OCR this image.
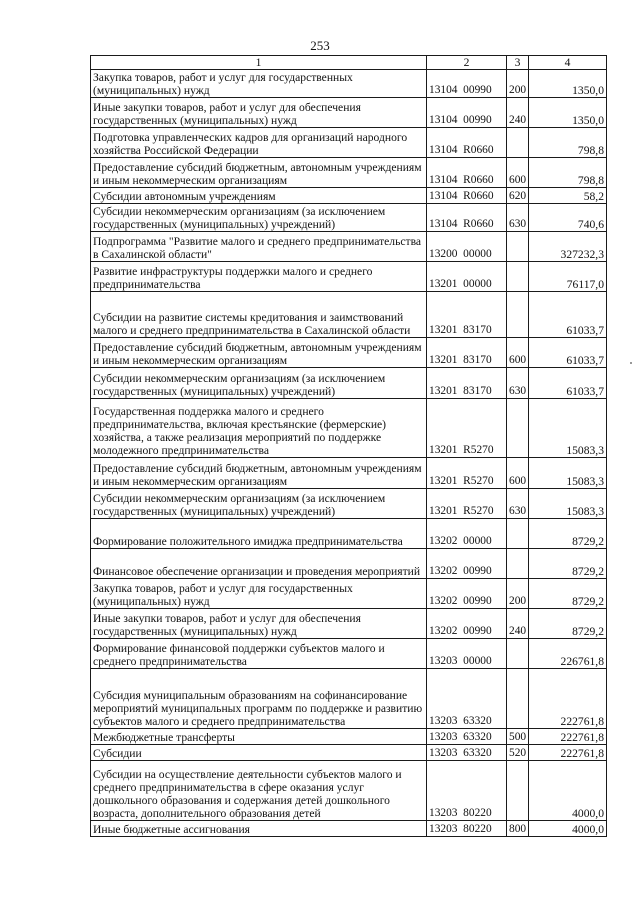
253
1	2	3	4
Закупка товаров, работ и услуг для государственных (муниципальных) нужд	13104  00990	200	1350,0
Иные закупки товаров, работ и услуг для обеспечения государственных (муниципальных) нужд	13104  00990	240	1350,0
Подготовка управленческих кадров для организаций народного хозяйства Российской Федерации	13104  R0660		798,8
Предоставление субсидий бюджетным, автономным учреждениям и иным некоммерческим организациям	13104  R0660	600	798,8
Субсидии автономным учреждениям	13104  R0660	620	58,2
Субсидии некоммерческим организациям (за исключением государственных (муниципальных) учреждений)	13104  R0660	630	740,6
Подпрограмма "Развитие малого и среднего предпринимательства в Сахалинской области"	13200  00000		327232,3
Развитие инфраструктуры поддержки малого и среднего предпринимательства	13201  00000		76117,0
Субсидии на развитие системы кредитования и заимствований малого и среднего предпринимательства в Сахалинской области	13201  83170		61033,7
Предоставление субсидий бюджетным, автономным учреждениям и иным некоммерческим организациям	13201  83170	600	61033,7
Субсидии некоммерческим организациям (за исключением государственных (муниципальных) учреждений)	13201  83170	630	61033,7
Государственная поддержка малого и среднего предпринимательства, включая крестьянские (фермерские) хозяйства, а также реализация мероприятий по поддержке молодежного предпринимательства	13201  R5270		15083,3
Предоставление субсидий бюджетным, автономным учреждениям и иным некоммерческим организациям	13201  R5270	600	15083,3
Субсидии некоммерческим организациям (за исключением государственных (муниципальных) учреждений)	13201  R5270	630	15083,3
Формирование положительного имиджа предпринимательства	13202  00000		8729,2
Финансовое обеспечение организации и проведения мероприятий	13202  00990		8729,2
Закупка товаров, работ и услуг для государственных (муниципальных) нужд	13202  00990	200	8729,2
Иные закупки товаров, работ и услуг для обеспечения государственных (муниципальных) нужд	13202  00990	240	8729,2
Формирование финансовой поддержки субъектов малого и среднего предпринимательства	13203  00000		226761,8
Субсидия муниципальным образованиям на софинансирование мероприятий муниципальных программ по поддержке и развитию субъектов малого и среднего предпринимательства	13203  63320		222761,8
Межбюджетные трансферты	13203  63320	500	222761,8
Субсидии	13203  63320	520	222761,8
Субсидии на осуществление деятельности субъектов малого и среднего предпринимательства в сфере оказания услуг дошкольного образования и содержания детей дошкольного возраста, дополнительного образования детей	13203  80220		4000,0
Иные бюджетные ассигнования	13203  80220	800	4000,0
